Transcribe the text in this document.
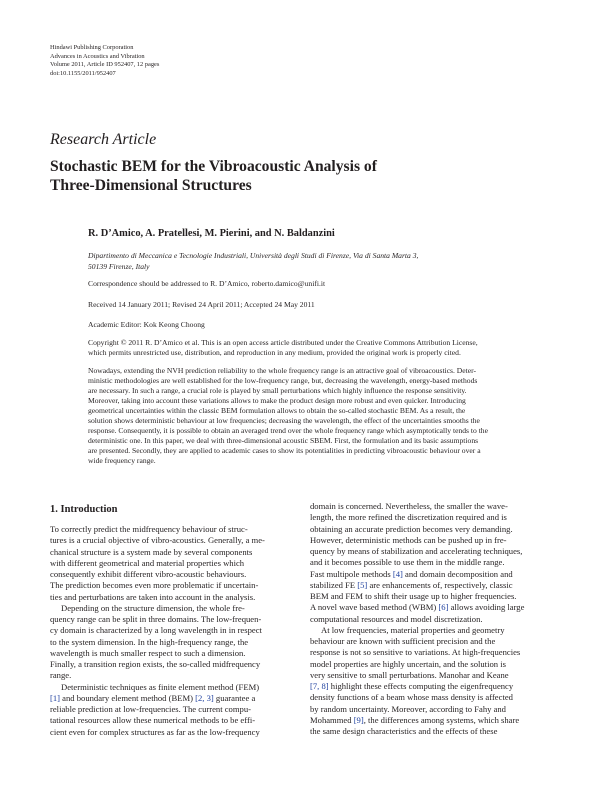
Hindawi Publishing Corporation
Advances in Acoustics and Vibration
Volume 2011, Article ID 952407, 12 pages
doi:10.1155/2011/952407
Research Article
Stochastic BEM for the Vibroacoustic Analysis of
Three-Dimensional Structures
R. D’Amico, A. Pratellesi, M. Pierini, and N. Baldanzini
Dipartimento di Meccanica e Tecnologie Industriali, Università degli Studi di Firenze, Via di Santa Marta 3,
50139 Firenze, Italy
Correspondence should be addressed to R. D’Amico, roberto.damico@unifi.it
Received 14 January 2011; Revised 24 April 2011; Accepted 24 May 2011
Academic Editor: Kok Keong Choong
Copyright © 2011 R. D’Amico et al. This is an open access article distributed under the Creative Commons Attribution License,
which permits unrestricted use, distribution, and reproduction in any medium, provided the original work is properly cited.
Nowadays, extending the NVH prediction reliability to the whole frequency range is an attractive goal of vibroacoustics. Deter-
ministic methodologies are well established for the low-frequency range, but, decreasing the wavelength, energy-based methods
are necessary. In such a range, a crucial role is played by small perturbations which highly influence the response sensitivity.
Moreover, taking into account these variations allows to make the product design more robust and even quicker. Introducing
geometrical uncertainties within the classic BEM formulation allows to obtain the so-called stochastic BEM. As a result, the
solution shows deterministic behaviour at low frequencies; decreasing the wavelength, the effect of the uncertainties smooths the
response. Consequently, it is possible to obtain an averaged trend over the whole frequency range which asymptotically tends to the
deterministic one. In this paper, we deal with three-dimensional acoustic SBEM. First, the formulation and its basic assumptions
are presented. Secondly, they are applied to academic cases to show its potentialities in predicting vibroacoustic behaviour over a
wide frequency range.
1. Introduction
To correctly predict the midfrequency behaviour of struc-
tures is a crucial objective of vibro-acoustics. Generally, a me-
chanical structure is a system made by several components
with different geometrical and material properties which
consequently exhibit different vibro-acoustic behaviours.
The prediction becomes even more problematic if uncertain-
ties and perturbations are taken into account in the analysis.
Depending on the structure dimension, the whole fre-
quency range can be split in three domains. The low-frequen-
cy domain is characterized by a long wavelength in in respect
to the system dimension. In the high-frequency range, the
wavelength is much smaller respect to such a dimension.
Finally, a transition region exists, the so-called midfrequency
range.
Deterministic techniques as finite element method (FEM)
[1] and boundary element method (BEM) [2, 3] guarantee a
reliable prediction at low-frequencies. The current compu-
tational resources allow these numerical methods to be effi-
cient even for complex structures as far as the low-frequency
domain is concerned. Nevertheless, the smaller the wave-
length, the more refined the discretization required and is
obtaining an accurate prediction becomes very demanding.
However, deterministic methods can be pushed up in fre-
quency by means of stabilization and accelerating techniques,
and it becomes possible to use them in the middle range.
Fast multipole methods [4] and domain decomposition and
stabilized FE [5] are enhancements of, respectively, classic
BEM and FEM to shift their usage up to higher frequencies.
A novel wave based method (WBM) [6] allows avoiding large
computational resources and model discretization.
At low frequencies, material properties and geometry
behaviour are known with sufficient precision and the
response is not so sensitive to variations. At high-frequencies
model properties are highly uncertain, and the solution is
very sensitive to small perturbations. Manohar and Keane
[7, 8] highlight these effects computing the eigenfrequency
density functions of a beam whose mass density is affected
by random uncertainty. Moreover, according to Fahy and
Mohammed [9], the differences among systems, which share
the same design characteristics and the effects of these
